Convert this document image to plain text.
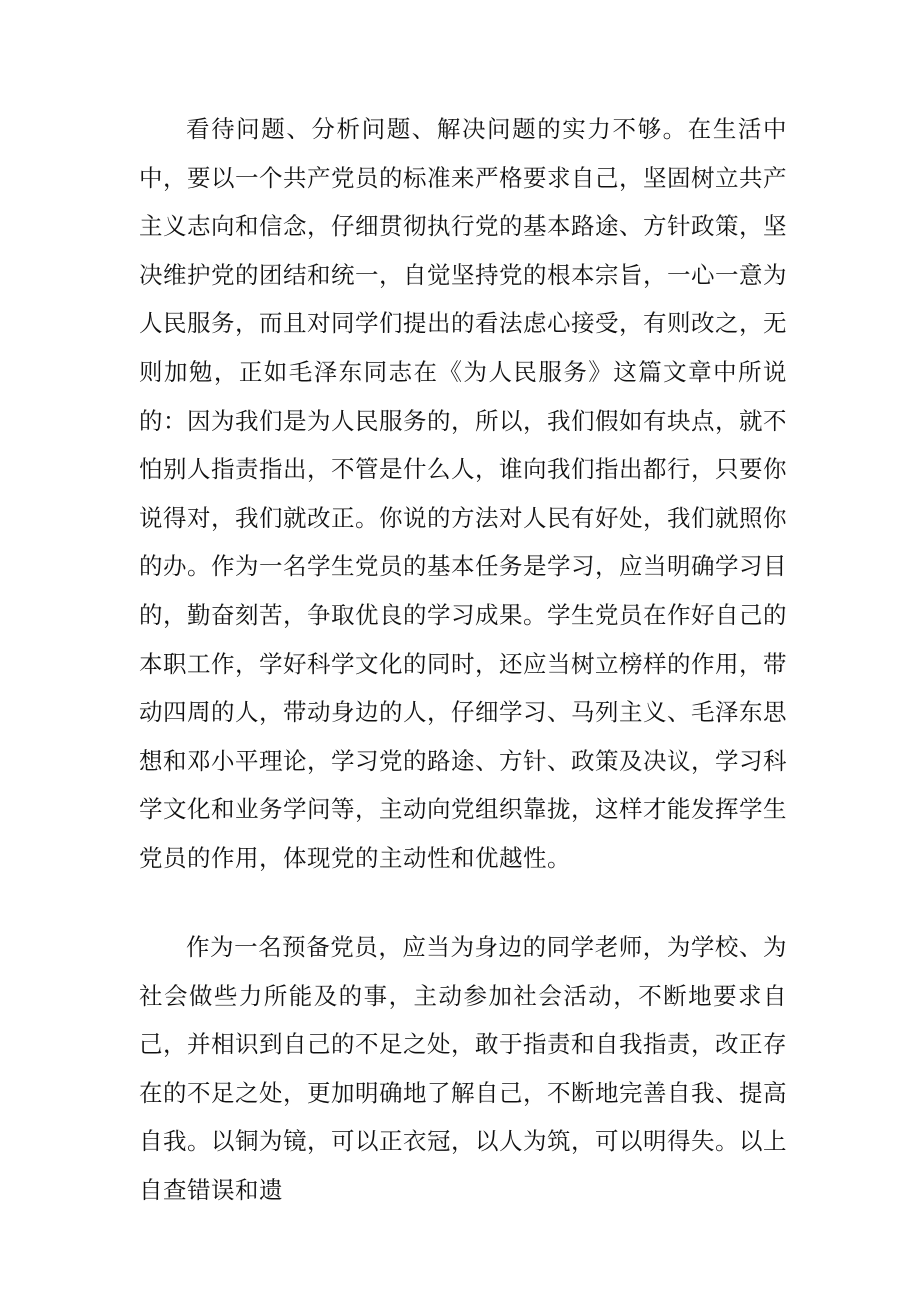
看待问题、分析问题、解决问题的实力不够。在生活中中，要以一个共产党员的标准来严格要求自己，坚固树立共产主义志向和信念，仔细贯彻执行党的基本路途、方针政策，坚决维护党的团结和统一，自觉坚持党的根本宗旨，一心一意为人民服务，而且对同学们提出的看法虑心接受，有则改之，无则加勉，正如毛泽东同志在《为人民服务》这篇文章中所说的：因为我们是为人民服务的，所以，我们假如有块点，就不怕别人指责指出，不管是什么人，谁向我们指出都行，只要你说得对，我们就改正。你说的方法对人民有好处，我们就照你的办。作为一名学生党员的基本任务是学习，应当明确学习目的，勤奋刻苦，争取优良的学习成果。学生党员在作好自己的本职工作，学好科学文化的同时，还应当树立榜样的作用，带动四周的人，带动身边的人，仔细学习、马列主义、毛泽东思想和邓小平理论，学习党的路途、方针、政策及决议，学习科学文化和业务学问等，主动向党组织靠拢，这样才能发挥学生党员的作用，体现党的主动性和优越性。

作为一名预备党员，应当为身边的同学老师，为学校、为社会做些力所能及的事，主动参加社会活动，不断地要求自己，并相识到自己的不足之处，敢于指责和自我指责，改正存在的不足之处，更加明确地了解自己，不断地完善自我、提高自我。以铜为镜，可以正衣冠，以人为筑，可以明得失。以上自查错误和遗
